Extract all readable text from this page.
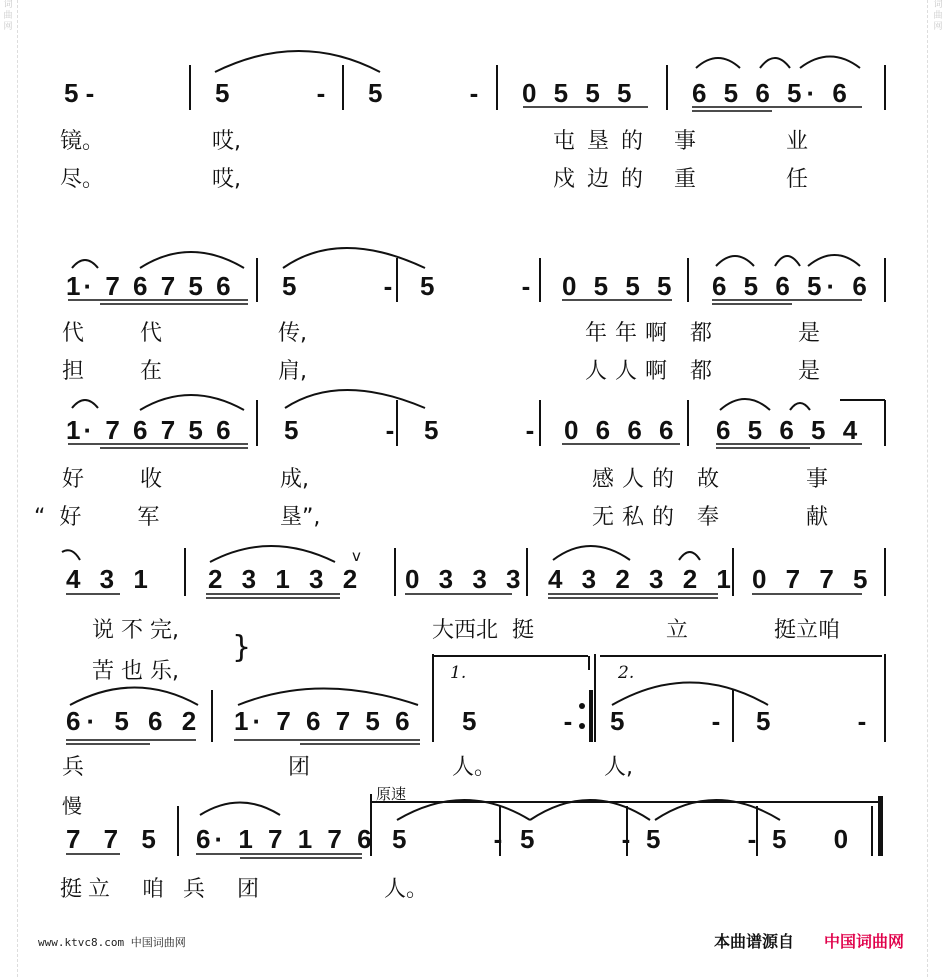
词
曲
网
词
曲
网
5 -	5 - 5 - 0 5 5 5 6 5 6 5· 6
镜。	哎,	屯垦的 事	业
尽。	哎,	戍边的 重	任
1· 7 6 7 5 6 5 -
5 -
0 5 5 5 6 5 6 5· 6
代  代	传,	年年啊 都	是
担  在	肩,	人人啊 都	是
1· 7 6 7 5 6 5 -
5 -
0 6 6 6 6 5 6 5 4
好  收	成,	感人的 故	事
“好  军	垦”,	无私的 奉	献
4 3 1 2 3 1 3 2
v
0 3 3 3 4 3 2 3 2 1 0 7 7 5
说 不 完,	大西北  挺	立	挺立咱
苦 也 乐,
}
1.	2.
6· 5 6 2 1· 7 6 7 5 6 5 -
5 -
5 -
兵	团	人。	人,
慢	原速
7 7 5 6· 1 7 1 7 6 5 -
5 -
5 -
5 0
挺立  咱 兵  团	人。
www.ktvc8.com 中国词曲网	本曲谱源自 中国词曲网
